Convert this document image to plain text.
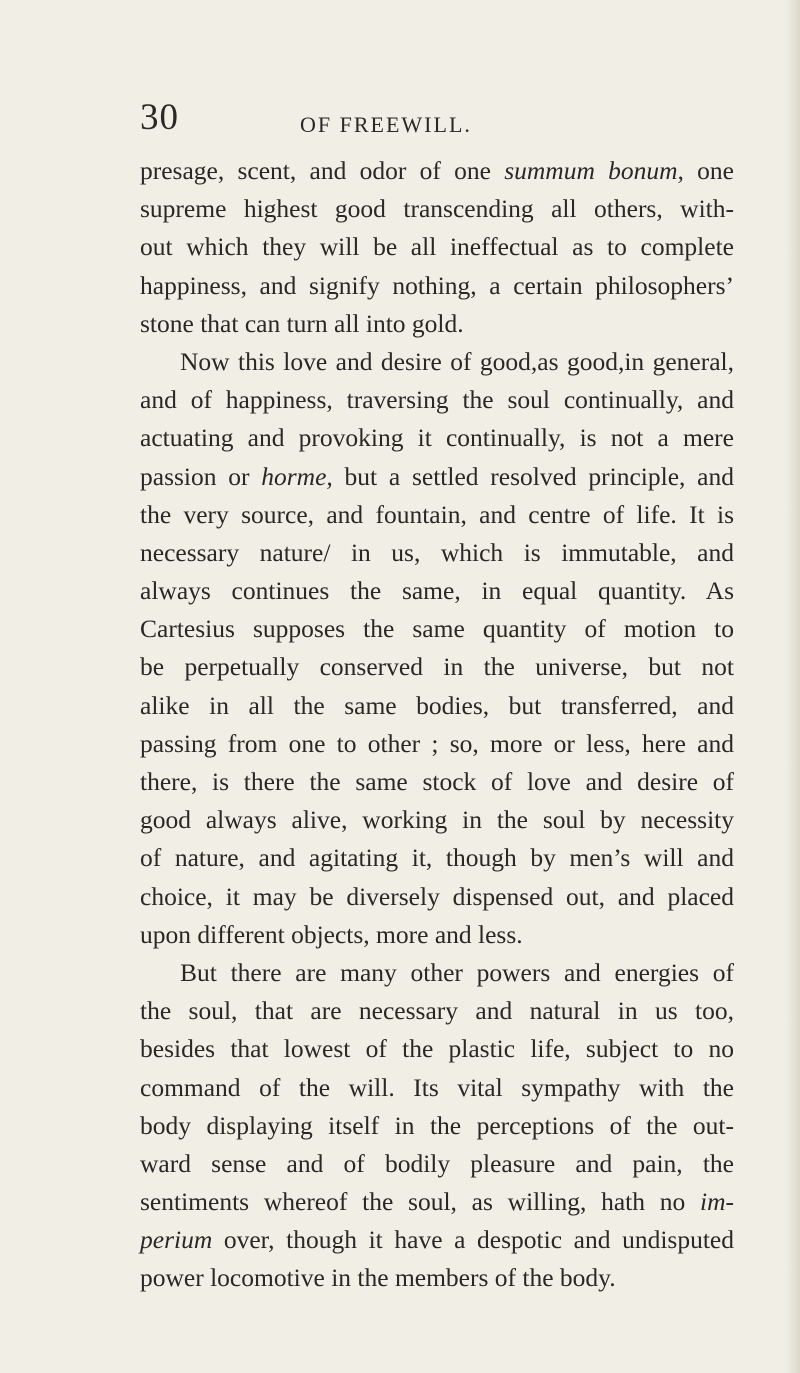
30	OF FREEWILL.
presage, scent, and odor of one summum bonum, one
supreme highest good transcending all others, with-
out which they will be all ineffectual as to complete
happiness, and signify nothing, a certain philosophers’
stone that can turn all into gold.
Now this love and desire of good,as good,in general,
and of happiness, traversing the soul continually, and
actuating and provoking it continually, is not a mere
passion or horme, but a settled resolved principle, and
the very source, and fountain, and centre of life. It is
necessary nature/ in us, which is immutable, and
always continues the same, in equal quantity. As
Cartesius supposes the same quantity of motion to
be perpetually conserved in the universe, but not
alike in all the same bodies, but transferred, and
passing from one to other ; so, more or less, here and
there, is there the same stock of love and desire of
good always alive, working in the soul by necessity
of nature, and agitating it, though by men’s will and
choice, it may be diversely dispensed out, and placed
upon different objects, more and less.
But there are many other powers and energies of
the soul, that are necessary and natural in us too,
besides that lowest of the plastic life, subject to no
command of the will. Its vital sympathy with the
body displaying itself in the perceptions of the out-
ward sense and of bodily pleasure and pain, the
sentiments whereof the soul, as willing, hath no im-
perium over, though it have a despotic and undisputed
power locomotive in the members of the body.
